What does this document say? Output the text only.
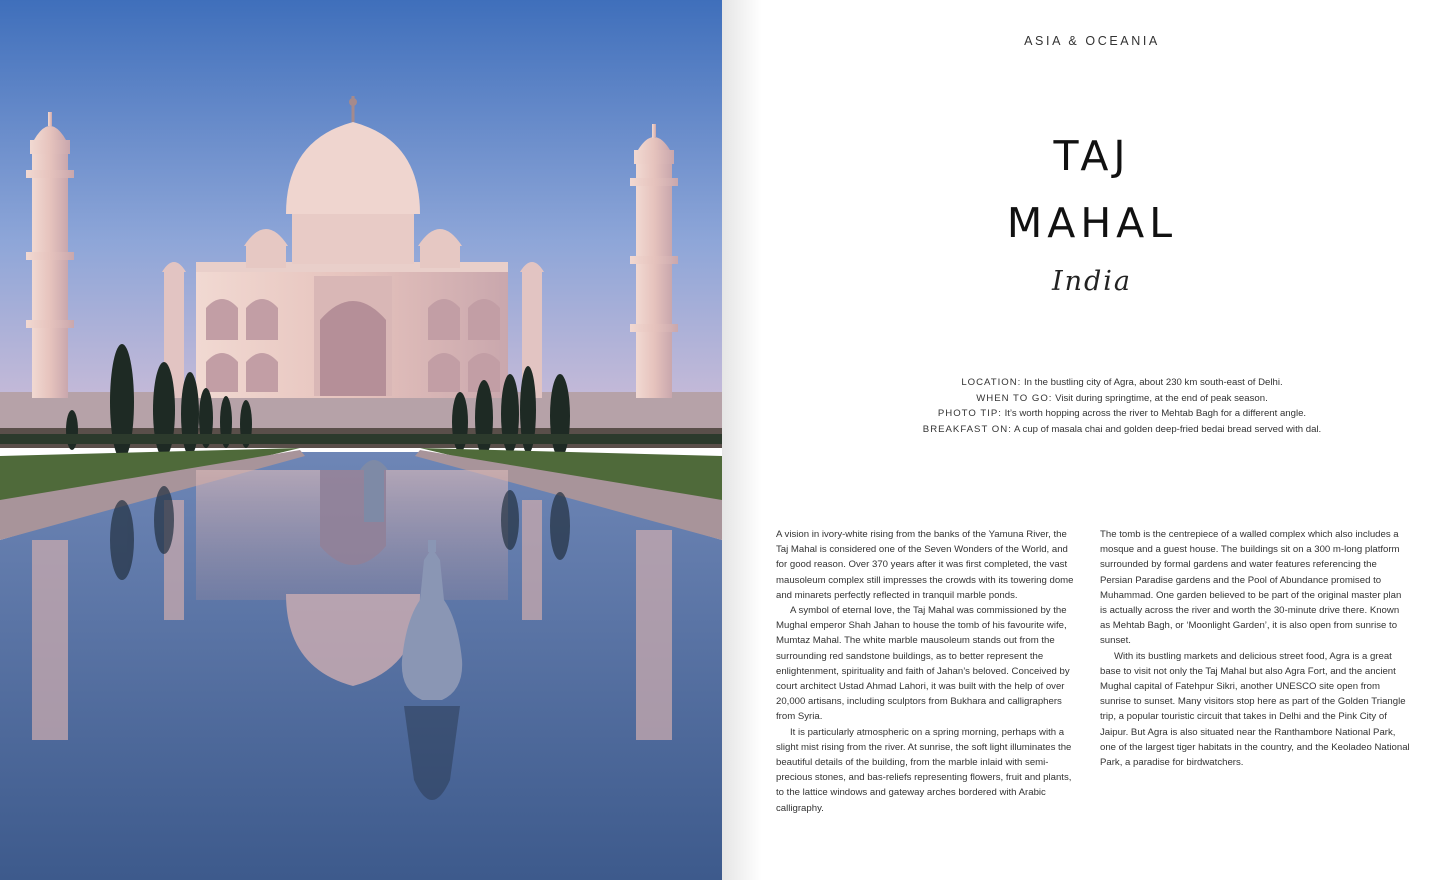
ASIA & OCEANIA
TAJ
MAHAL
India
LOCATION: In the bustling city of Agra, about 230 km south-east of Delhi.
WHEN TO GO: Visit during springtime, at the end of peak season.
PHOTO TIP: It’s worth hopping across the river to Mehtab Bagh for a different angle.
BREAKFAST ON: A cup of masala chai and golden deep-fried bedai bread served with dal.

A vision in ivory-white rising from the banks of the Yamuna River, the Taj Mahal is considered one of the Seven Wonders of the World, and for good reason. Over 370 years after it was first completed, the vast mausoleum complex still impresses the crowds with its towering dome and minarets perfectly reflected in tranquil marble ponds.

A symbol of eternal love, the Taj Mahal was commissioned by the Mughal emperor Shah Jahan to house the tomb of his favourite wife, Mumtaz Mahal. The white marble mausoleum stands out from the surrounding red sandstone buildings, as to better represent the enlightenment, spirituality and faith of Jahan’s beloved. Conceived by court architect Ustad Ahmad Lahori, it was built with the help of over 20,000 artisans, including sculptors from Bukhara and calligraphers from Syria.

It is particularly atmospheric on a spring morning, perhaps with a slight mist rising from the river. At sunrise, the soft light illuminates the beautiful details of the building, from the marble inlaid with semi-precious stones, and bas-reliefs representing flowers, fruit and plants, to the lattice windows and gateway arches bordered with Arabic calligraphy.

The tomb is the centrepiece of a walled complex which also includes a mosque and a guest house. The buildings sit on a 300 m-long platform surrounded by formal gardens and water features referencing the Persian Paradise gardens and the Pool of Abundance promised to Muhammad. One garden believed to be part of the original master plan is actually across the river and worth the 30-minute drive there. Known as Mehtab Bagh, or ‘Moonlight Garden’, it is also open from sunrise to sunset.

With its bustling markets and delicious street food, Agra is a great base to visit not only the Taj Mahal but also Agra Fort, and the ancient Mughal capital of Fatehpur Sikri, another UNESCO site open from sunrise to sunset. Many visitors stop here as part of the Golden Triangle trip, a popular touristic circuit that takes in Delhi and the Pink City of Jaipur. But Agra is also situated near the Ranthambore National Park, one of the largest tiger habitats in the country, and the Keoladeo National Park, a paradise for birdwatchers.
